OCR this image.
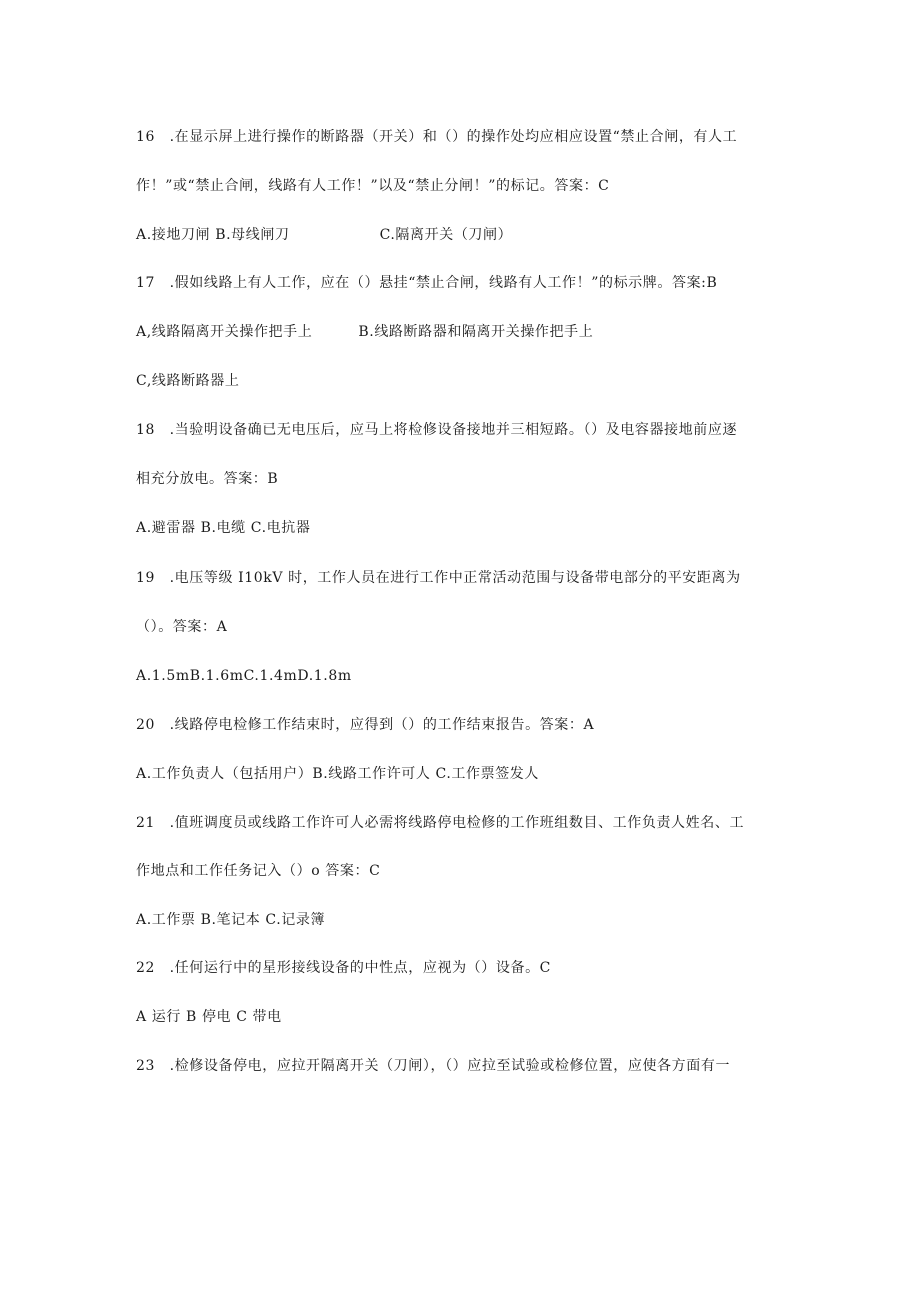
16　.在显示屏上进行操作的断路器（开关）和（）的操作处均应相应设置“禁止合闸，有人工
作！”或“禁止合闸，线路有人工作！”以及“禁止分闸！”的标记。答案：C
A.接地刀闸 B.母线闸刀	C.隔离开关（刀闸）
17　.假如线路上有人工作，应在（）悬挂“禁止合闸，线路有人工作！”的标示牌。答案:B
A,线路隔离开关操作把手上	B.线路断路器和隔离开关操作把手上
C,线路断路器上
18　.当验明设备确已无电压后，应马上将检修设备接地并三相短路。（）及电容器接地前应逐
相充分放电。答案：B
A.避雷器 B.电缆 C.电抗器
19　.电压等级 I10kV 时，工作人员在进行工作中正常活动范围与设备带电部分的平安距离为
（）。答案：A
A.1.5mB.1.6mC.1.4mD.1.8m
20　.线路停电检修工作结束时，应得到（）的工作结束报告。答案：A
A.工作负责人（包括用户）B.线路工作许可人 C.工作票签发人
21　.值班调度员或线路工作许可人必需将线路停电检修的工作班组数目、工作负责人姓名、工
作地点和工作任务记入（）o 答案：C
A.工作票 B.笔记本 C.记录簿
22　.任何运行中的星形接线设备的中性点，应视为（）设备。C
A 运行 B 停电 C 带电
23　.检修设备停电，应拉开隔离开关（刀闸），（）应拉至试验或检修位置，应使各方面有一
